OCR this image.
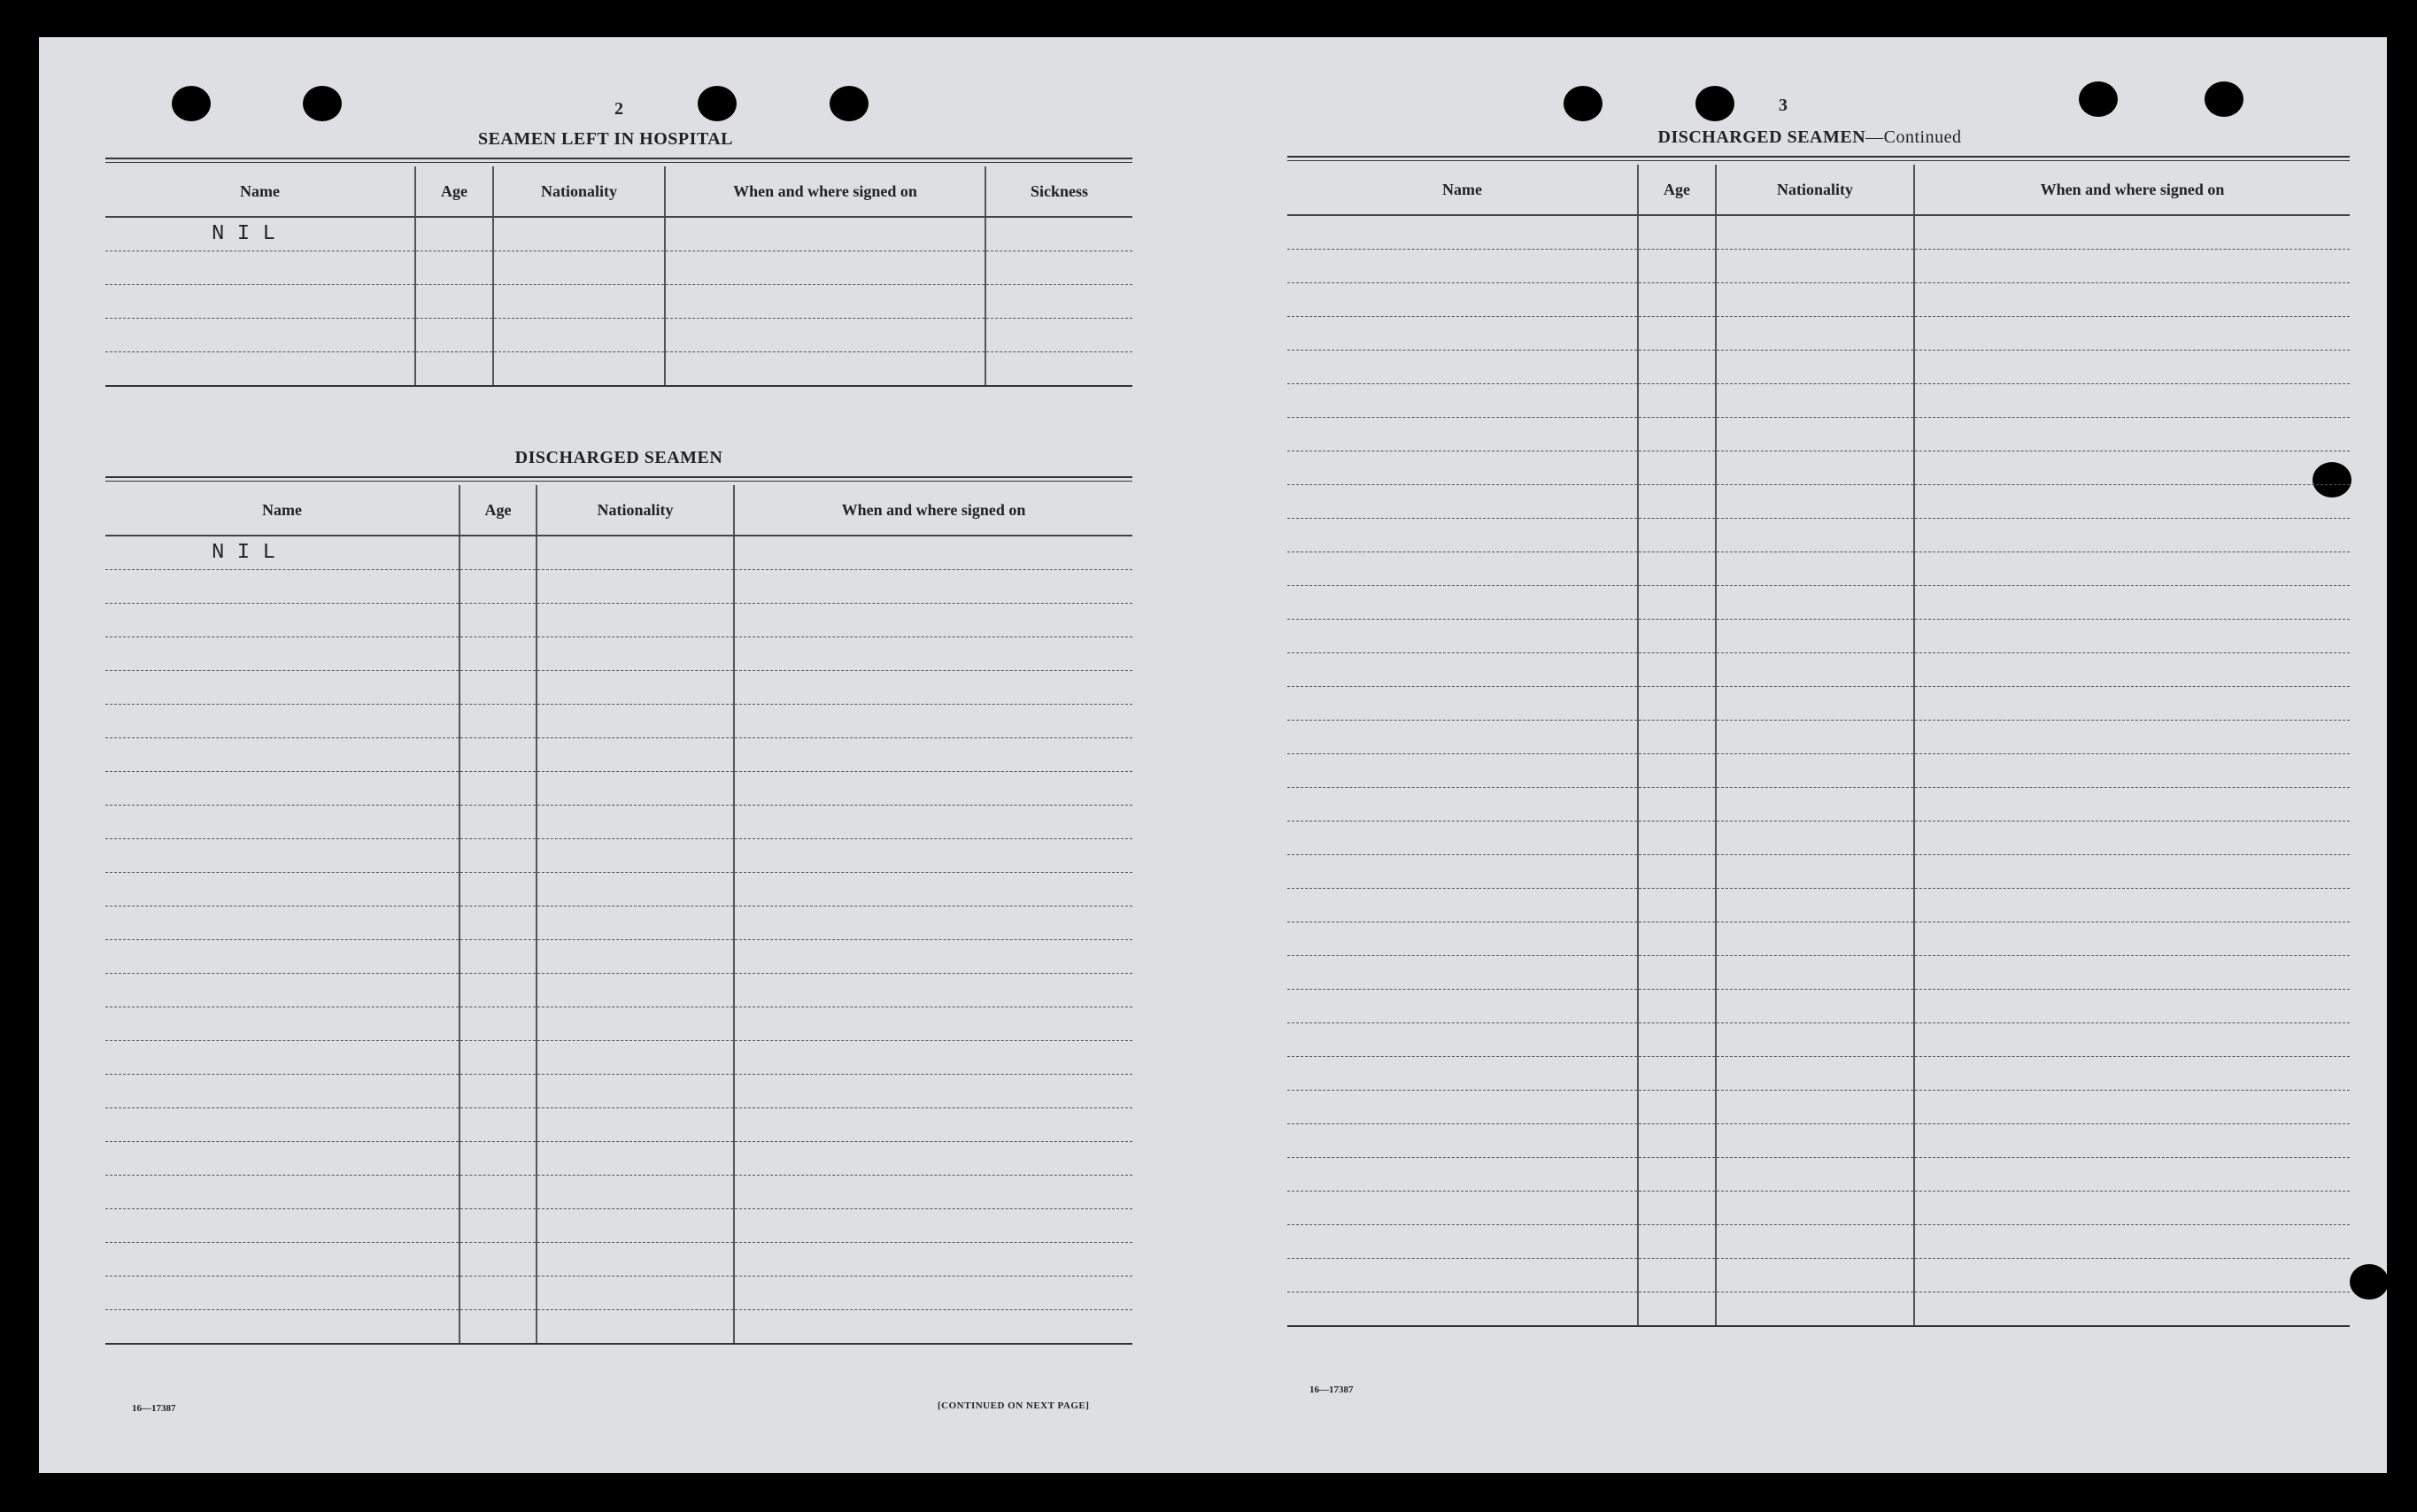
2
SEAMEN LEFT IN HOSPITAL
Name	Age	Nationality	When and where signed on	Sickness
N I L				

DISCHARGED SEAMEN
Name	Age	Nationality	When and where signed on
N I L			

16—17387	[CONTINUED ON NEXT PAGE]
3
DISCHARGED SEAMEN—Continued
Name	Age	Nationality	When and where signed on

16—17387
